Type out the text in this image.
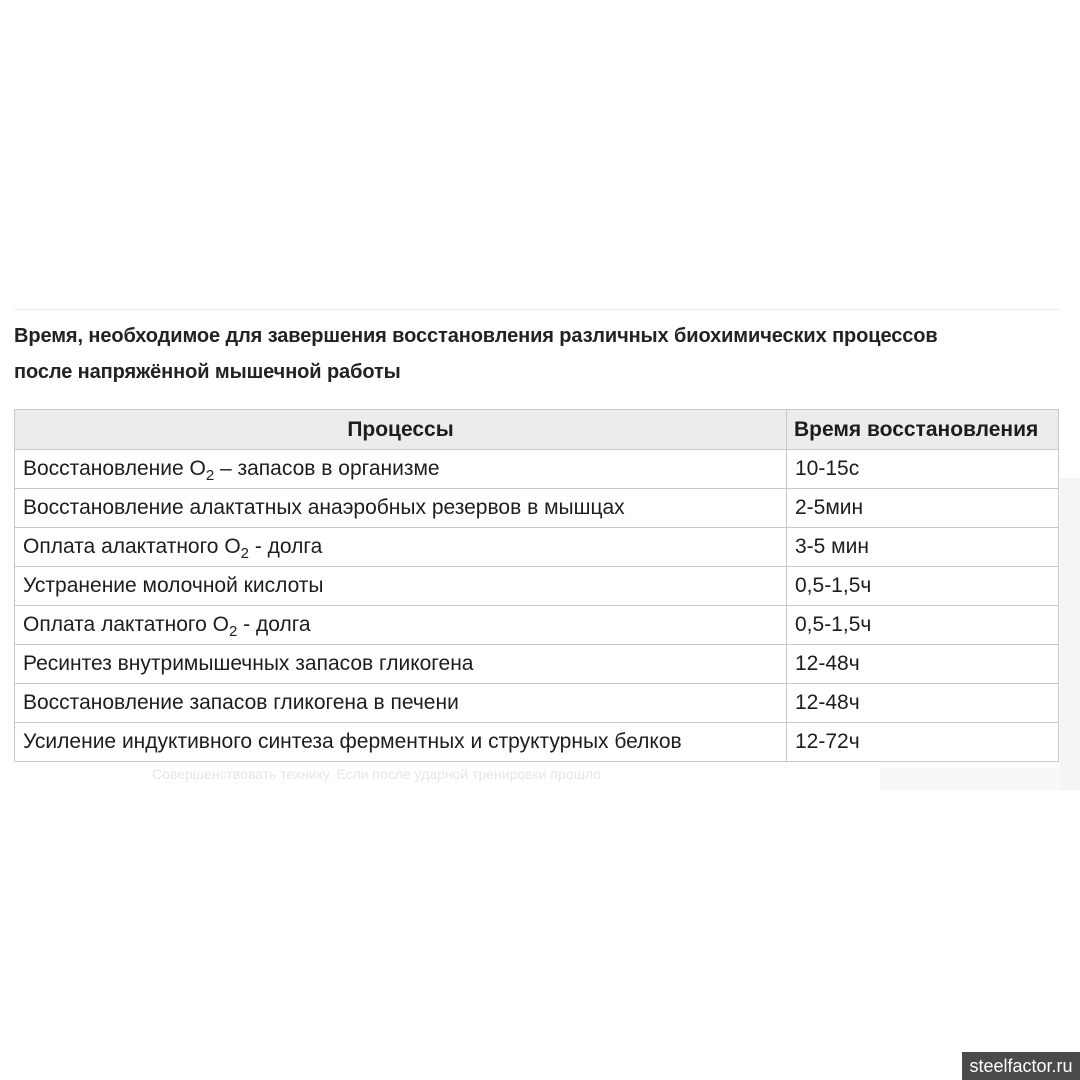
Время, необходимое для завершения восстановления различных биохимических процессов
после напряжённой мышечной работы
Совершенствовать технику. Если после ударной тренировки прошло
Процессы	Время восстановления
Восстановление $О_2$ – запасов в организме	10-15с
Восстановление алактатных анаэробных резервов в мышцах	2-5мин
Оплата алактатного $О_2$ - долга	3-5 мин
Устранение молочной кислоты	0,5-1,5ч
Оплата лактатного $О_2$ - долга	0,5-1,5ч
Ресинтез внутримышечных запасов гликогена	12-48ч
Восстановление запасов гликогена в печени	12-48ч
Усиление индуктивного синтеза ферментных и структурных белков	12-72ч
steelfactor.ru
